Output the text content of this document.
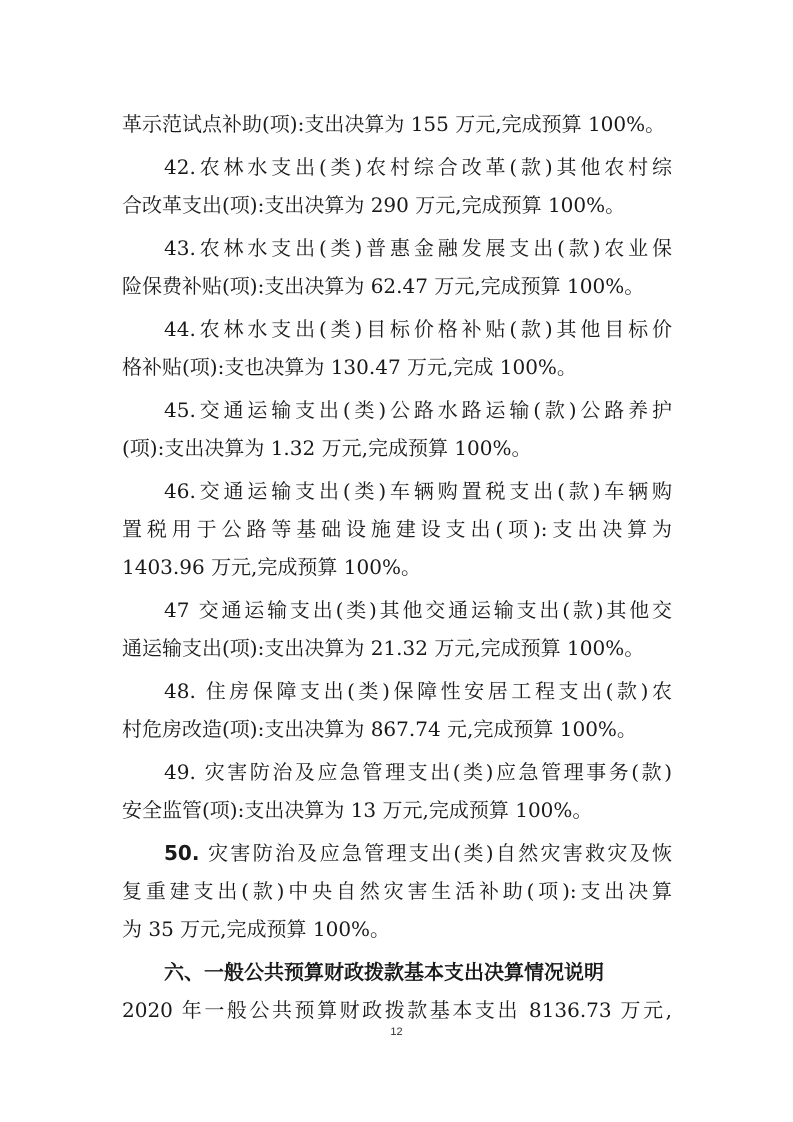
革示范试点补助(项):支出决算为 155 万元,完成预算 100%。
42.农林水支出(类)农村综合改革(款)其他农村综
合改革支出(项):支出决算为 290 万元,完成预算 100%。
43.农林水支出(类)普惠金融发展支出(款)农业保
险保费补贴(项):支出决算为 62.47 万元,完成预算 100%。
44.农林水支出(类)目标价格补贴(款)其他目标价
格补贴(项):支也决算为 130.47 万元,完成 100%。
45.交通运输支出(类)公路水路运输(款)公路养护
(项):支出决算为 1.32 万元,完成预算 100%。
46.交通运输支出(类)车辆购置税支出(款)车辆购
置税用于公路等基础设施建设支出(项):支出决算为
1403.96 万元,完成预算 100%。
47 交通运输支出(类)其他交通运输支出(款)其他交
通运输支出(项):支出决算为 21.32 万元,完成预算 100%。
48. 住房保障支出(类)保障性安居工程支出(款)农
村危房改造(项):支出决算为 867.74 元,完成预算 100%。
49. 灾害防治及应急管理支出(类)应急管理事务(款)
安全监管(项):支出决算为 13 万元,完成预算 100%。
50. 灾害防治及应急管理支出(类)自然灾害救灾及恢
复重建支出(款)中央自然灾害生活补助(项):支出决算
为 35 万元,完成预算 100%。
六、一般公共预算财政拨款基本支出决算情况说明
2020 年一般公共预算财政拨款基本支出 8136.73 万元,
12
